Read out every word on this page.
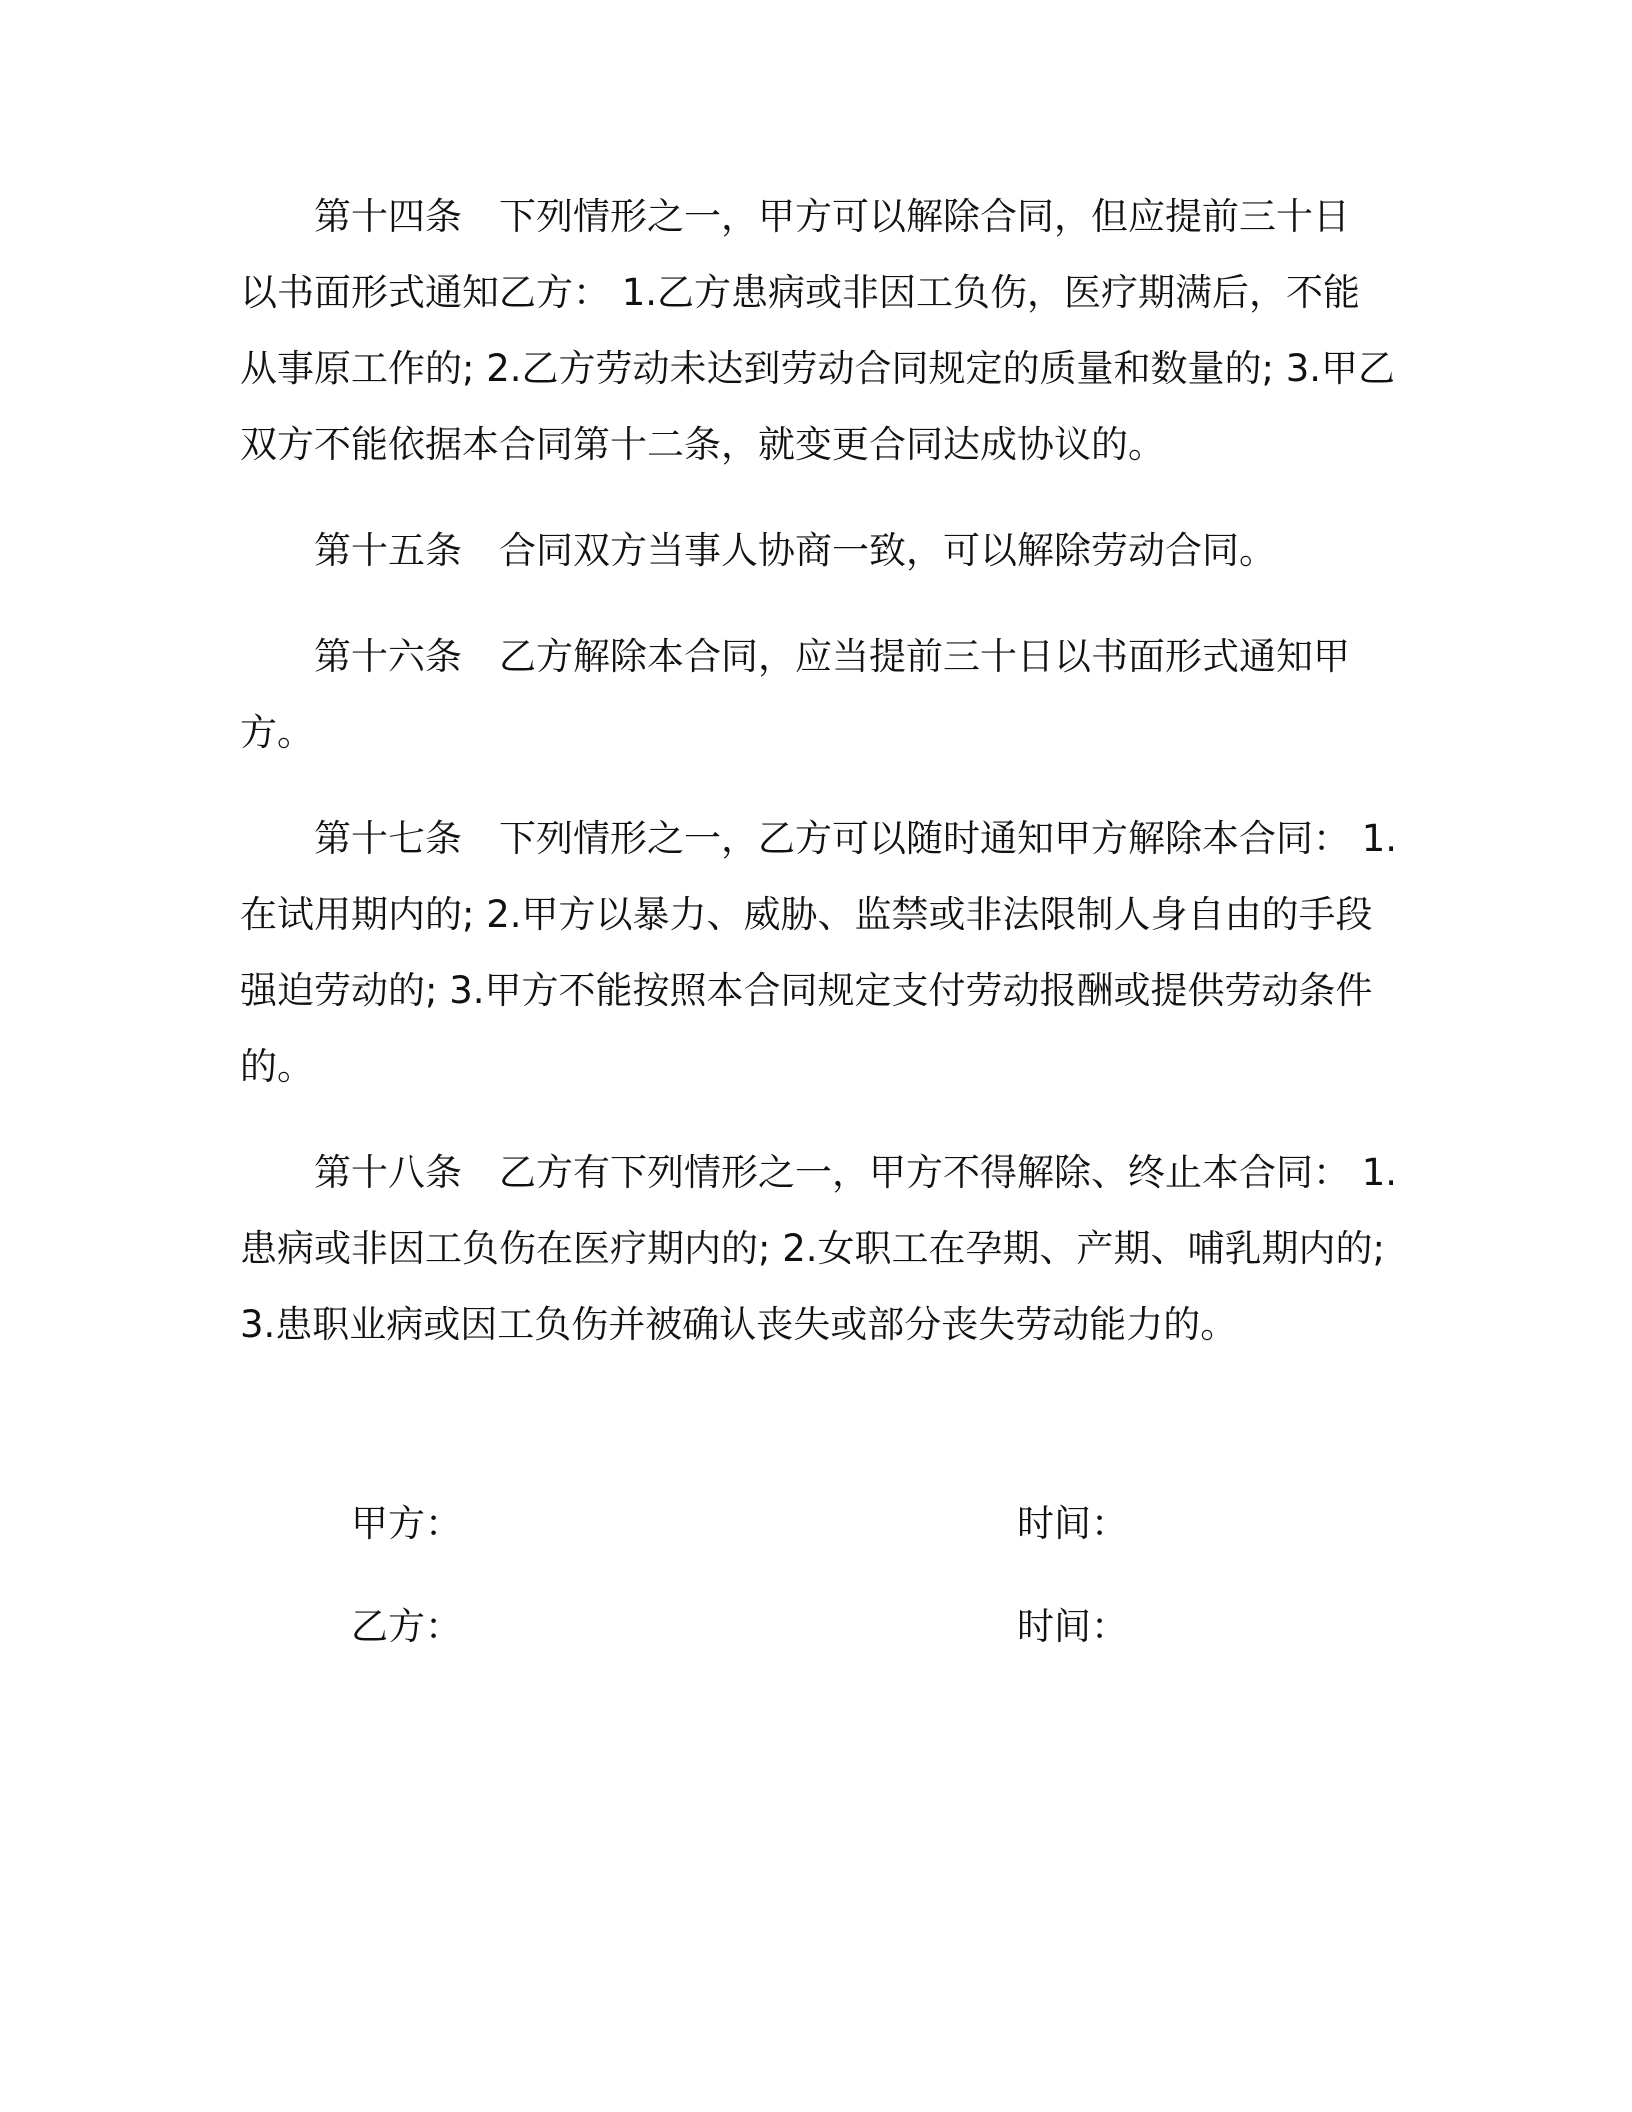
第十四条 下列情形之一，甲方可以解除合同，但应提前三十日
以书面形式通知乙方： 1.乙方患病或非因工负伤，医疗期满后，不能
从事原工作的; 2.乙方劳动未达到劳动合同规定的质量和数量的; 3.甲乙
双方不能依据本合同第十二条，就变更合同达成协议的。
第十五条 合同双方当事人协商一致，可以解除劳动合同。
第十六条 乙方解除本合同，应当提前三十日以书面形式通知甲
方。
第十七条 下列情形之一，乙方可以随时通知甲方解除本合同： 1.
在试用期内的; 2.甲方以暴力、威胁、监禁或非法限制人身自由的手段
强迫劳动的; 3.甲方不能按照本合同规定支付劳动报酬或提供劳动条件
的。
第十八条 乙方有下列情形之一，甲方不得解除、终止本合同： 1.
患病或非因工负伤在医疗期内的; 2.女职工在孕期、产期、哺乳期内的;
3.患职业病或因工负伤并被确认丧失或部分丧失劳动能力的。
甲方：	时间：
乙方：	时间：
